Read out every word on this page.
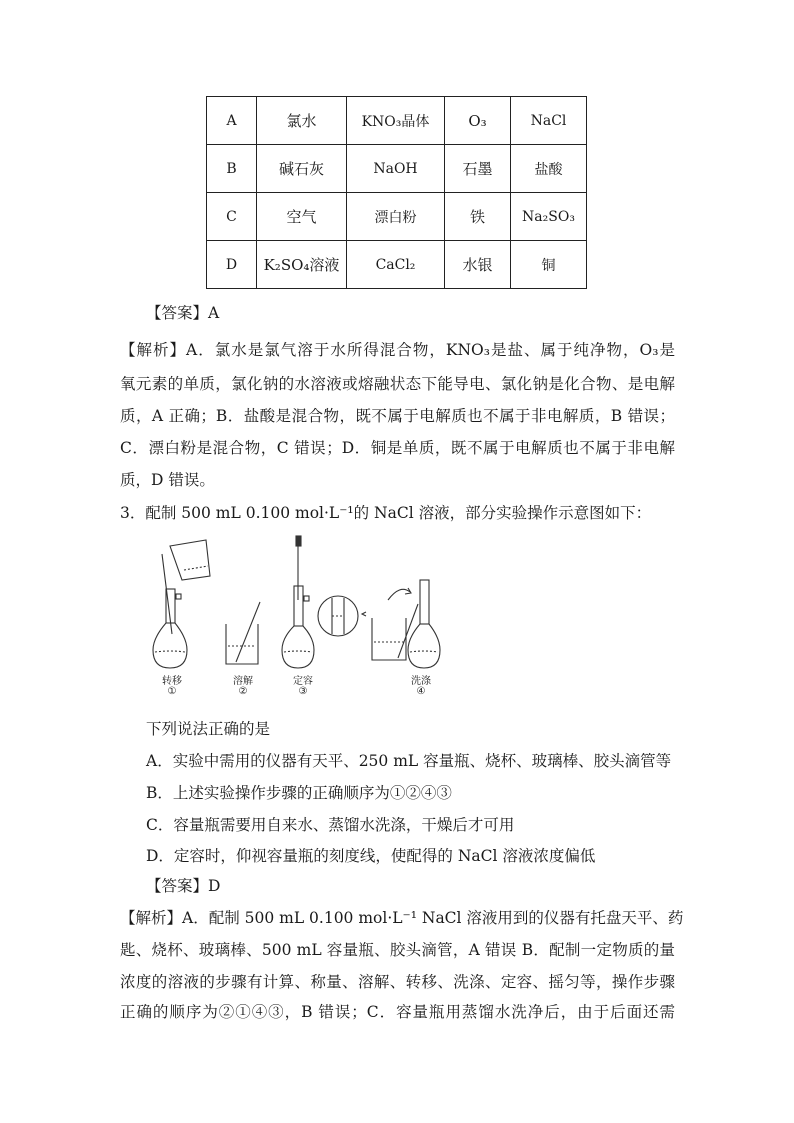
A	氯水	KNO₃晶体	O₃	NaCl
B	碱石灰	NaOH	石墨	盐酸
C	空气	漂白粉	铁	Na₂SO₃
D	K₂SO₄溶液	CaCl₂	水银	铜
【答案】A
【解析】A．氯水是氯气溶于水所得混合物，KNO₃是盐、属于纯净物，O₃是
氧元素的单质，氯化钠的水溶液或熔融状态下能导电、氯化钠是化合物、是电解
质，A 正确；B．盐酸是混合物，既不属于电解质也不属于非电解质，B 错误；
C．漂白粉是混合物，C 错误；D．铜是单质，既不属于电解质也不属于非电解
质，D 错误。
3．配制 500 mL 0.100 mol·L⁻¹的 NaCl 溶液，部分实验操作示意图如下：
转移
①
溶解
②
定容
③
洗涤
④
下列说法正确的是
A．实验中需用的仪器有天平、250 mL 容量瓶、烧杯、玻璃棒、胶头滴管等
B．上述实验操作步骤的正确顺序为①②④③
C．容量瓶需要用自来水、蒸馏水洗涤，干燥后才可用
D．定容时，仰视容量瓶的刻度线，使配得的 NaCl 溶液浓度偏低
【答案】D
【解析】A．配制 500 mL 0.100 mol·L⁻¹ NaCl 溶液用到的仪器有托盘天平、药
匙、烧杯、玻璃棒、500 mL 容量瓶、胶头滴管，A 错误 B．配制一定物质的量
浓度的溶液的步骤有计算、称量、溶解、转移、洗涤、定容、摇匀等，操作步骤
正确的顺序为②①④③，B 错误；C．容量瓶用蒸馏水洗净后，由于后面还需
